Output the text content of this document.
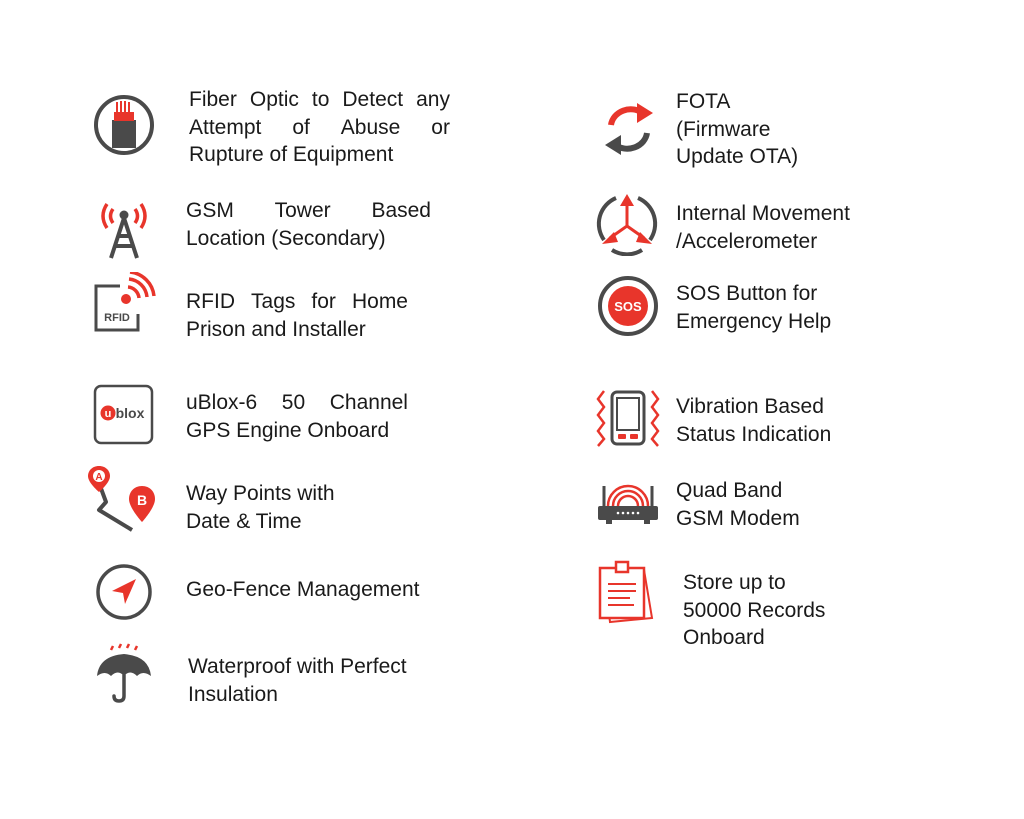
Fiber Optic to Detect any
Attempt of Abuse or
Rupture of Equipment

GSM Tower Based
Location (Secondary)

RFID

RFID Tags for Home
Prison and Installer

u blox uBlox-6 50 Channel
GPS Engine Onboard

A
B Way Points with
Date & Time

Geo-Fence Management

Waterproof with Perfect
Insulation

FOTA
(Firmware
Update OTA)

Internal Movement
/Accelerometer

SOS

SOS Button for
Emergency Help

Vibration Based
Status Indication

Quad Band
GSM Modem

Store up to
50000 Records
Onboard
